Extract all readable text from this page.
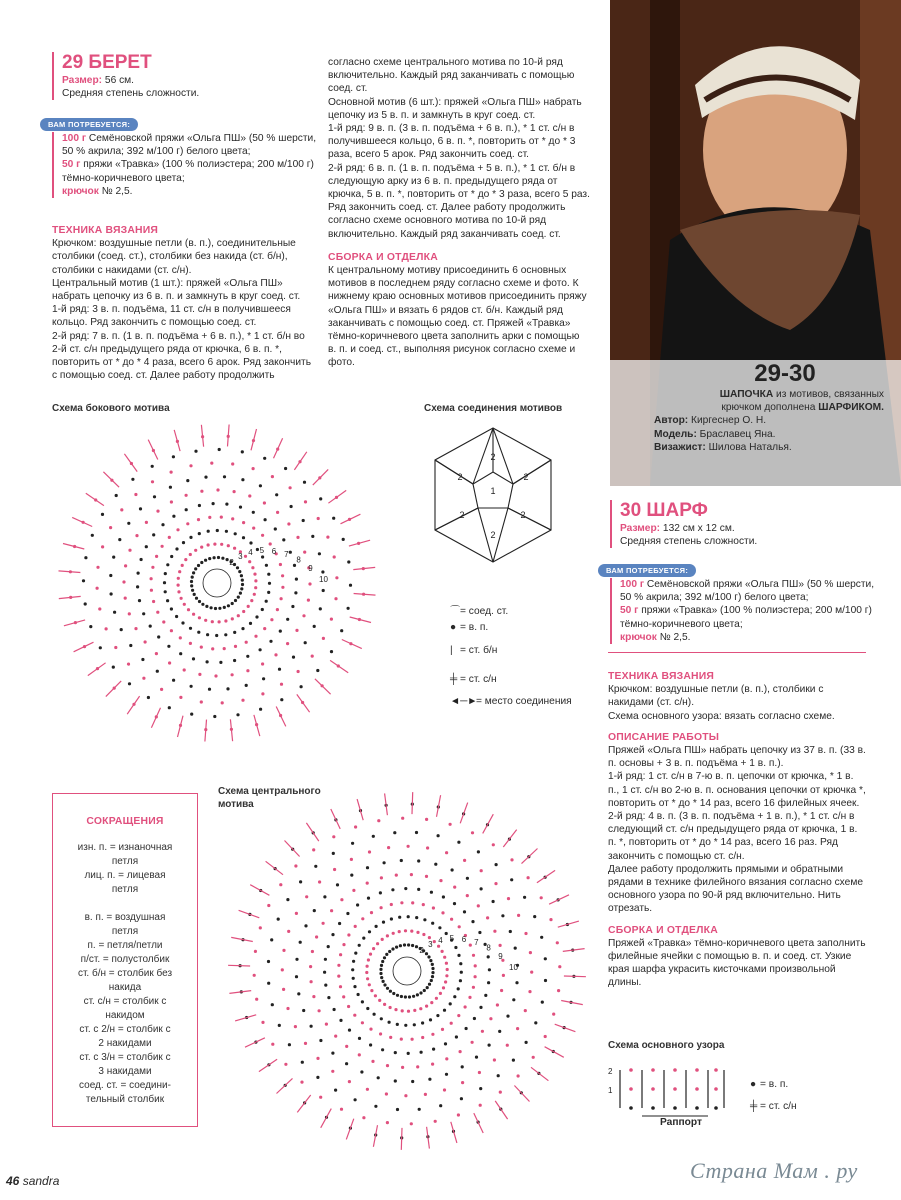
29 БЕРЕТ
Размер: 56 см.
Средняя степень сложности.
ВАМ ПОТРЕБУЕТСЯ:

100 г Семёновской пряжи «Ольга ПШ» (50 % шерсти, 50 % акрила; 392 м/100 г) белого цвета;

50 г пряжи «Травка» (100 % полиэстера; 200 м/100 г) тёмно-коричневого цвета;

крючок № 2,5.

ТЕХНИКА ВЯЗАНИЯ

Крючком: воздушные петли (в. п.), соединительные столбики (соед. ст.), столбики без накида (ст. б/н), столбики с накидами (ст. с/н).

Центральный мотив (1 шт.): пряжей «Ольга ПШ» набрать цепочку из 6 в. п. и замкнуть в круг соед. ст.

1-й ряд: 3 в. п. подъёма, 11 ст. с/н в получившееся кольцо. Ряд закончить с помощью соед. ст.

2-й ряд: 7 в. п. (1 в. п. подъёма + 6 в. п.), * 1 ст. б/н во 2-й ст. с/н предыдущего ряда от крючка, 6 в. п. *, повторить от * до * 4 раза, всего 6 арок. Ряд закончить с помощью соед. ст. Далее работу продолжить

согласно схеме центрального мотива по 10-й ряд включительно. Каждый ряд заканчивать с помощью соед. ст.

Основной мотив (6 шт.): пряжей «Ольга ПШ» набрать цепочку из 5 в. п. и замкнуть в круг соед. ст.

1-й ряд: 9 в. п. (3 в. п. подъёма + 6 в. п.), * 1 ст. с/н в получившееся кольцо, 6 в. п. *, повторить от * до * 3 раза, всего 5 арок. Ряд закончить соед. ст.

2-й ряд: 6 в. п. (1 в. п. подъёма + 5 в. п.), * 1 ст. б/н в следующую арку из 6 в. п. предыдущего ряда от крючка, 5 в. п. *, повторить от * до * 3 раза, всего 5 раз. Ряд закончить соед. ст. Далее работу продолжить согласно схеме основного мотива по 10-й ряд включительно. Каждый ряд заканчивать соед. ст.

СБОРКА И ОТДЕЛКА

К центральному мотиву присоединить 6 основных мотивов в последнем ряду согласно схеме и фото. К нижнему краю основных мотивов присоединить пряжу «Ольга ПШ» и вязать 6 рядов ст. б/н. Каждый ряд заканчивать с помощью соед. ст. Пряжей «Травка» тёмно-коричневого цвета заполнить арки с помощью в. п. и соед. ст., выполняя рисунок согласно схеме и фото.	29-30
ШАПОЧКА из мотивов, связанных
крючком дополнена ШАРФИКОМ.
Автор: Киргеснер О. Н.
Модель: Браславец Яна.
Визажист: Шилова Наталья.
Схема бокового мотива
2
3 4 5 6 7
8
9
10
Схема соединения мотивов
1
2
2
2
2
2
2
⌒= соед. ст.
● = в. п.
| = ст. б/н
╪ = ст. с/н
◄─►= место соединения
СОКРАЩЕНИЯ
изн. п. = изнаночная
петля
лиц. п. = лицевая
петля

в. п. = воздушная
петля
п. = петля/петли
п/ст. = полустолбик
ст. б/н = столбик без
накида
ст. с/н = столбик с
накидом
ст. с 2/н = столбик с
2 накидами
ст. с 3/н = столбик с
3 накидами
соед. ст. = соедини-
тельный столбик
Схема центрального
мотива
2
3 4 5 6 7
8
9
10
30 ШАРФ
Размер: 132 см х 12 см.
Средняя степень сложности.
ВАМ ПОТРЕБУЕТСЯ:

100 г Семёновской пряжи «Ольга ПШ» (50 % шерсти, 50 % акрила; 392 м/100 г) белого цвета;

50 г пряжи «Травка» (100 % полиэстера; 200 м/100 г) тёмно-коричневого цвета;

крючок № 2,5.

ТЕХНИКА ВЯЗАНИЯ

Крючком: воздушные петли (в. п.), столбики с накидами (ст. с/н).

Схема основного узора: вязать согласно схеме.

ОПИСАНИЕ РАБОТЫ

Пряжей «Ольга ПШ» набрать цепочку из 37 в. п. (33 в. п. основы + 3 в. п. подъёма + 1 в. п.).

1-й ряд: 1 ст. с/н в 7-ю в. п. цепочки от крючка, * 1 в. п., 1 ст. с/н во 2-ю в. п. основания цепочки от крючка *, повторить от * до * 14 раз, всего 16 филейных ячеек.

2-й ряд: 4 в. п. (3 в. п. подъёма + 1 в. п.), * 1 ст. с/н в следующий ст. с/н предыдущего ряда от крючка, 1 в. п. *, повторить от * до * 14 раз, всего 16 раз. Ряд закончить с помощью ст. с/н.

Далее работу продолжить прямыми и обратными рядами в технике филейного вязания согласно схеме основного узора по 90-й ряд включительно. Нить отрезать.

СБОРКА И ОТДЕЛКА

Пряжей «Травка» тёмно-коричневого цвета заполнить филейные ячейки с помощью в. п. и соед. ст. Узкие края шарфа украсить кисточками произвольной длины.

Схема основного узора
2
1
Раппорт
● = в. п.
╪ = ст. с/н
46 sandra	Страна Мам . ру
